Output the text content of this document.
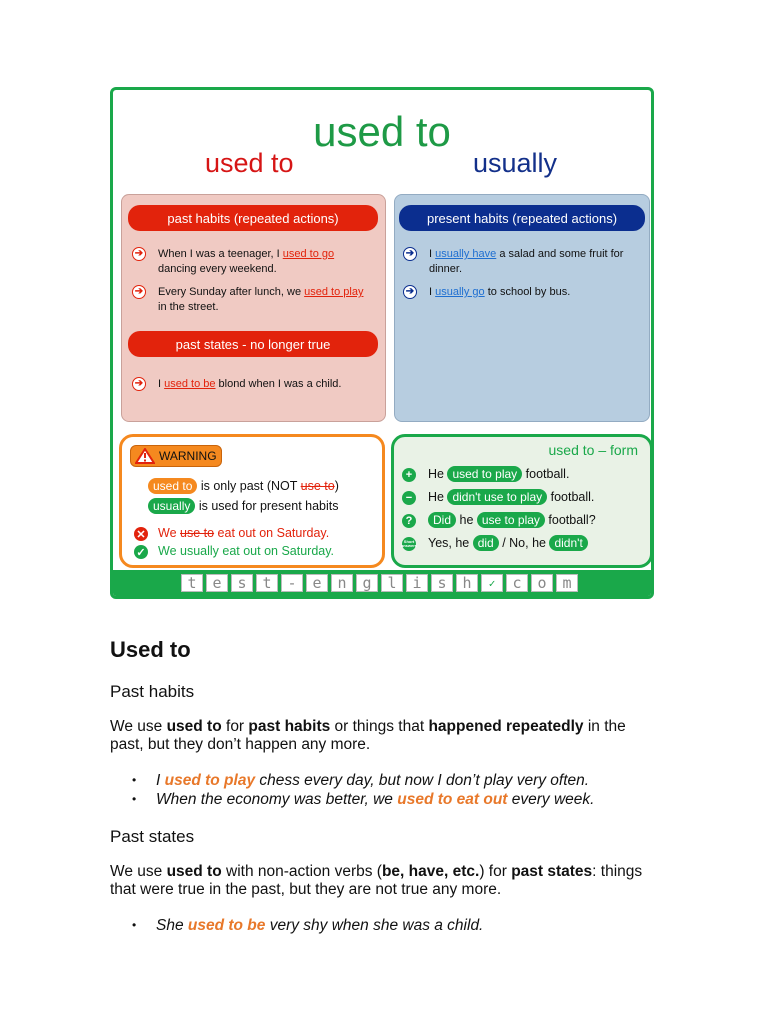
used to
used to	usually
past habits (repeated actions)
➔ When I was a teenager, I used to go dancing every weekend.
➔ Every Sunday after lunch, we used to play in the street.
past states - no longer true
➔ I used to be blond when I was a child.
present habits (repeated actions)
➔ I usually have a salad and some fruit for dinner.
➔ I usually go to school by bus.
WARNING
used to is only past (NOT use to)
usually is used for present habits
✕ We use to eat out on Saturday.
✓ We usually eat out on Saturday.
used to – form
+	He used to play football.
−	He didn't use to play football.
?	Did he use to play football?
Short answers Yes, he did / No, he didn't
t	e	s	t	-	e	n	g	l	i	s	h	✓	c	o	m
Used to
Past habits
We use used to for past habits or things that happened repeatedly in the past, but they don’t happen any more.
• I used to play chess every day, but now I don’t play very often.
• When the economy was better, we used to eat out every week.
Past states
We use used to with non-action verbs (be, have, etc.) for past states: things that were true in the past, but they are not true any more.
• She used to be very shy when she was a child.
